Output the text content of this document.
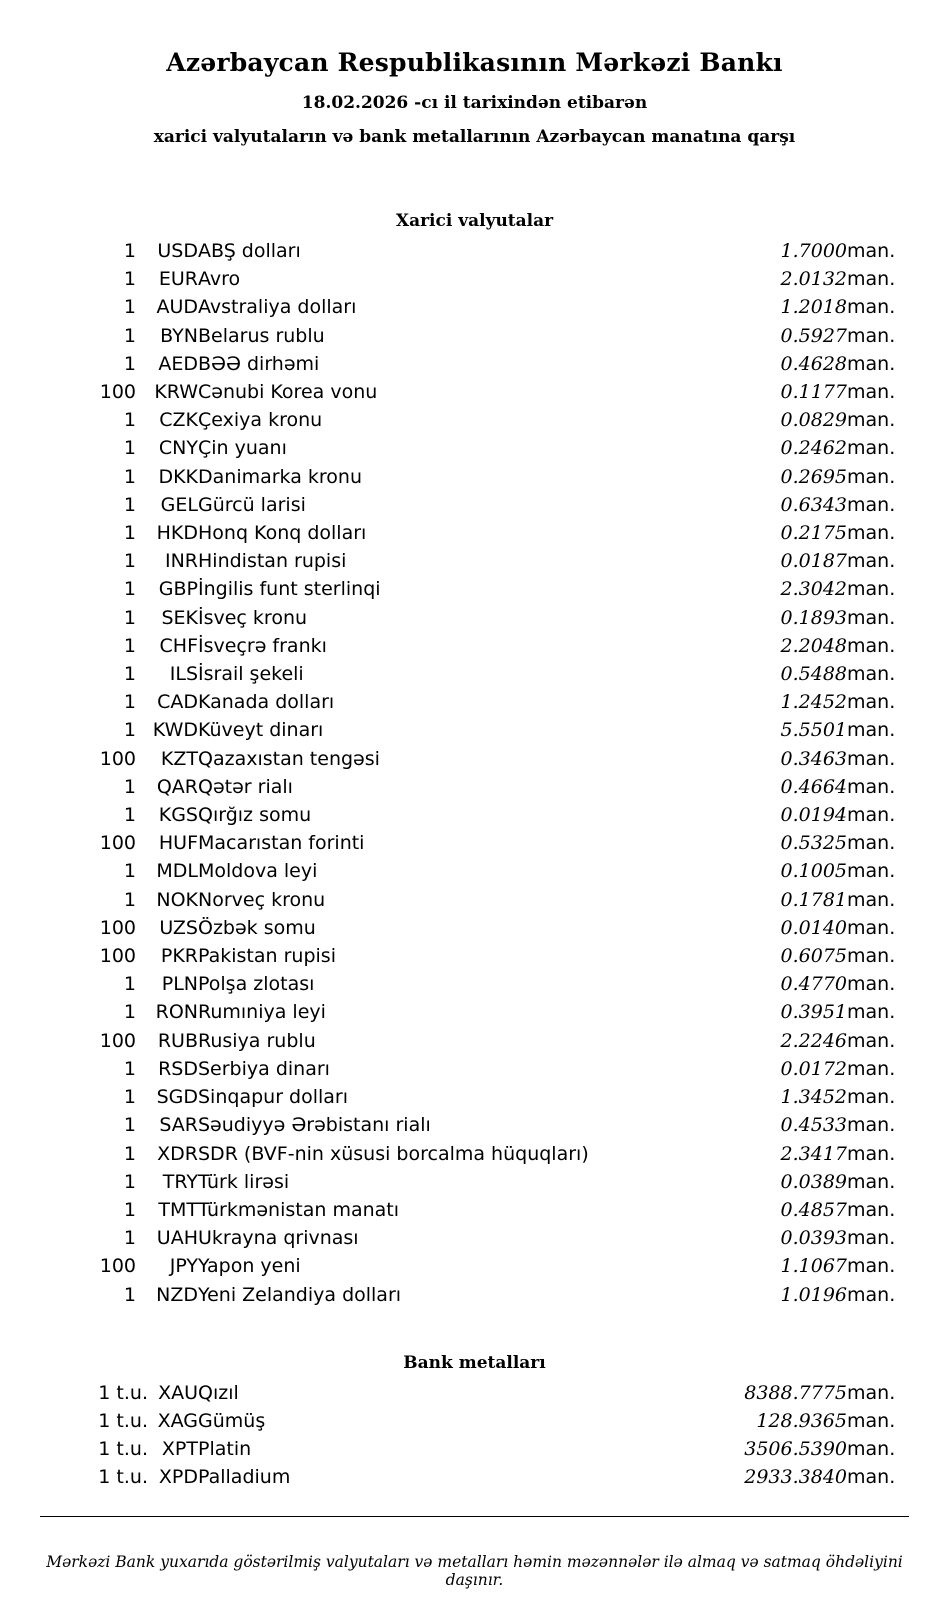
Azərbaycan Respublikasının Mərkəzi Bankı
18.02.2026 -cı il tarixindən etibarən
xarici valyutaların və bank metallarının Azərbaycan manatına qarşı
Xarici valyutalar
1	USD	ABŞ dolları	1.7000	man.
1	EUR	Avro	2.0132	man.
1	AUD	Avstraliya dolları	1.2018	man.
1	BYN	Belarus rublu	0.5927	man.
1	AED	BƏƏ dirhəmi	0.4628	man.
100	KRW	Cənubi Korea vonu	0.1177	man.
1	CZK	Çexiya kronu	0.0829	man.
1	CNY	Çin yuanı	0.2462	man.
1	DKK	Danimarka kronu	0.2695	man.
1	GEL	Gürcü larisi	0.6343	man.
1	HKD	Honq Konq dolları	0.2175	man.
1	INR	Hindistan rupisi	0.0187	man.
1	GBP	İngilis funt sterlinqi	2.3042	man.
1	SEK	İsveç kronu	0.1893	man.
1	CHF	İsveçrə frankı	2.2048	man.
1	ILS	İsrail şekeli	0.5488	man.
1	CAD	Kanada dolları	1.2452	man.
1	KWD	Küveyt dinarı	5.5501	man.
100	KZT	Qazaxıstan tengəsi	0.3463	man.
1	QAR	Qətər rialı	0.4664	man.
1	KGS	Qırğız somu	0.0194	man.
100	HUF	Macarıstan forinti	0.5325	man.
1	MDL	Moldova leyi	0.1005	man.
1	NOK	Norveç kronu	0.1781	man.
100	UZS	Özbək somu	0.0140	man.
100	PKR	Pakistan rupisi	0.6075	man.
1	PLN	Polşa zlotası	0.4770	man.
1	RON	Rumıniya leyi	0.3951	man.
100	RUB	Rusiya rublu	2.2246	man.
1	RSD	Serbiya dinarı	0.0172	man.
1	SGD	Sinqapur dolları	1.3452	man.
1	SAR	Səudiyyə Ərəbistanı rialı	0.4533	man.
1	XDR	SDR (BVF-nin xüsusi borcalma hüquqları)	2.3417	man.
1	TRY	Türk lirəsi	0.0389	man.
1	TMT	Türkmənistan manatı	0.4857	man.
1	UAH	Ukrayna qrivnası	0.0393	man.
100	JPY	Yapon yeni	1.1067	man.
1	NZD	Yeni Zelandiya dolları	1.0196	man.
Bank metalları
1 t.u.	XAU	Qızıl	8388.7775	man.
1 t.u.	XAG	Gümüş	128.9365	man.
1 t.u.	XPT	Platin	3506.5390	man.
1 t.u.	XPD	Palladium	2933.3840	man.
Mərkəzi Bank yuxarıda göstərilmiş valyutaları və metalları həmin məzənnələr ilə almaq və satmaq öhdəliyini daşınır.
